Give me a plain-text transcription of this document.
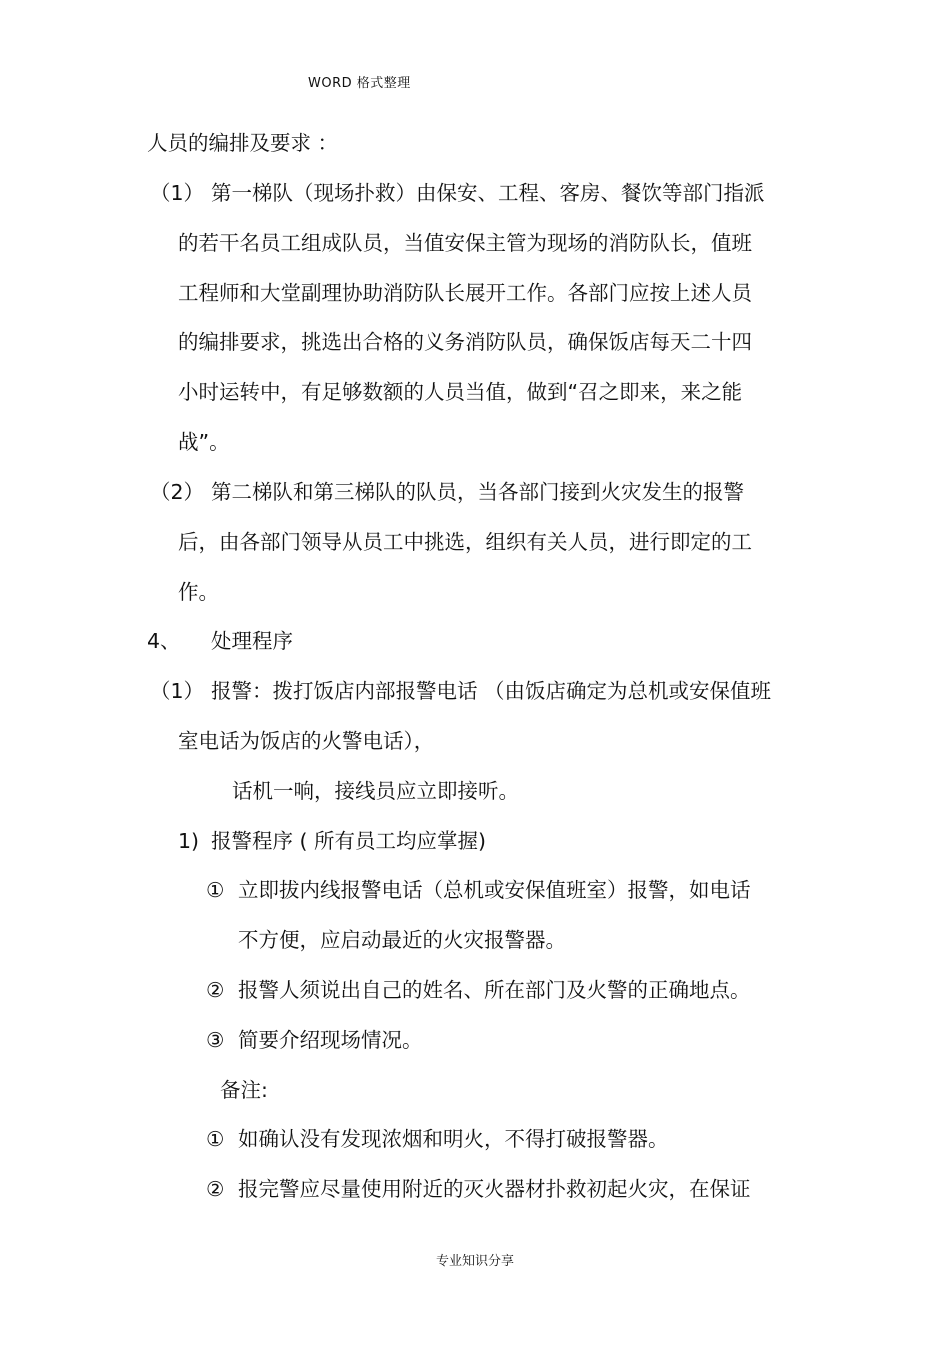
WORD 格式整理
人员的编排及要求 ：
（1） 第一梯队（现场扑救）由保安、工程、客房、餐饮等部门指派
的若干名员工组成队员，当值安保主管为现场的消防队长，值班
工程师和大堂副理协助消防队长展开工作。各部门应按上述人员
的编排要求，挑选出合格的义务消防队员，确保饭店每天二十四
小时运转中，有足够数额的人员当值，做到“召之即来，来之能
战”。
（2） 第二梯队和第三梯队的队员，当各部门接到火灾发生的报警
后，由各部门领导从员工中挑选，组织有关人员，进行即定的工
作。
4、 处理程序
（1） 报警：拨打饭店内部报警电话 （由饭店确定为总机或安保值班
室电话为饭店的火警电话），
话机一响，接线员应立即接听。
1) 报警程序 ( 所有员工均应掌握)
① 立即拔内线报警电话（总机或安保值班室）报警，如电话
不方便，应启动最近的火灾报警器。
② 报警人须说出自己的姓名、所在部门及火警的正确地点。
③ 简要介绍现场情况。
备注:
① 如确认没有发现浓烟和明火，不得打破报警器。
② 报完警应尽量使用附近的灭火器材扑救初起火灾，在保证
专业知识分享
